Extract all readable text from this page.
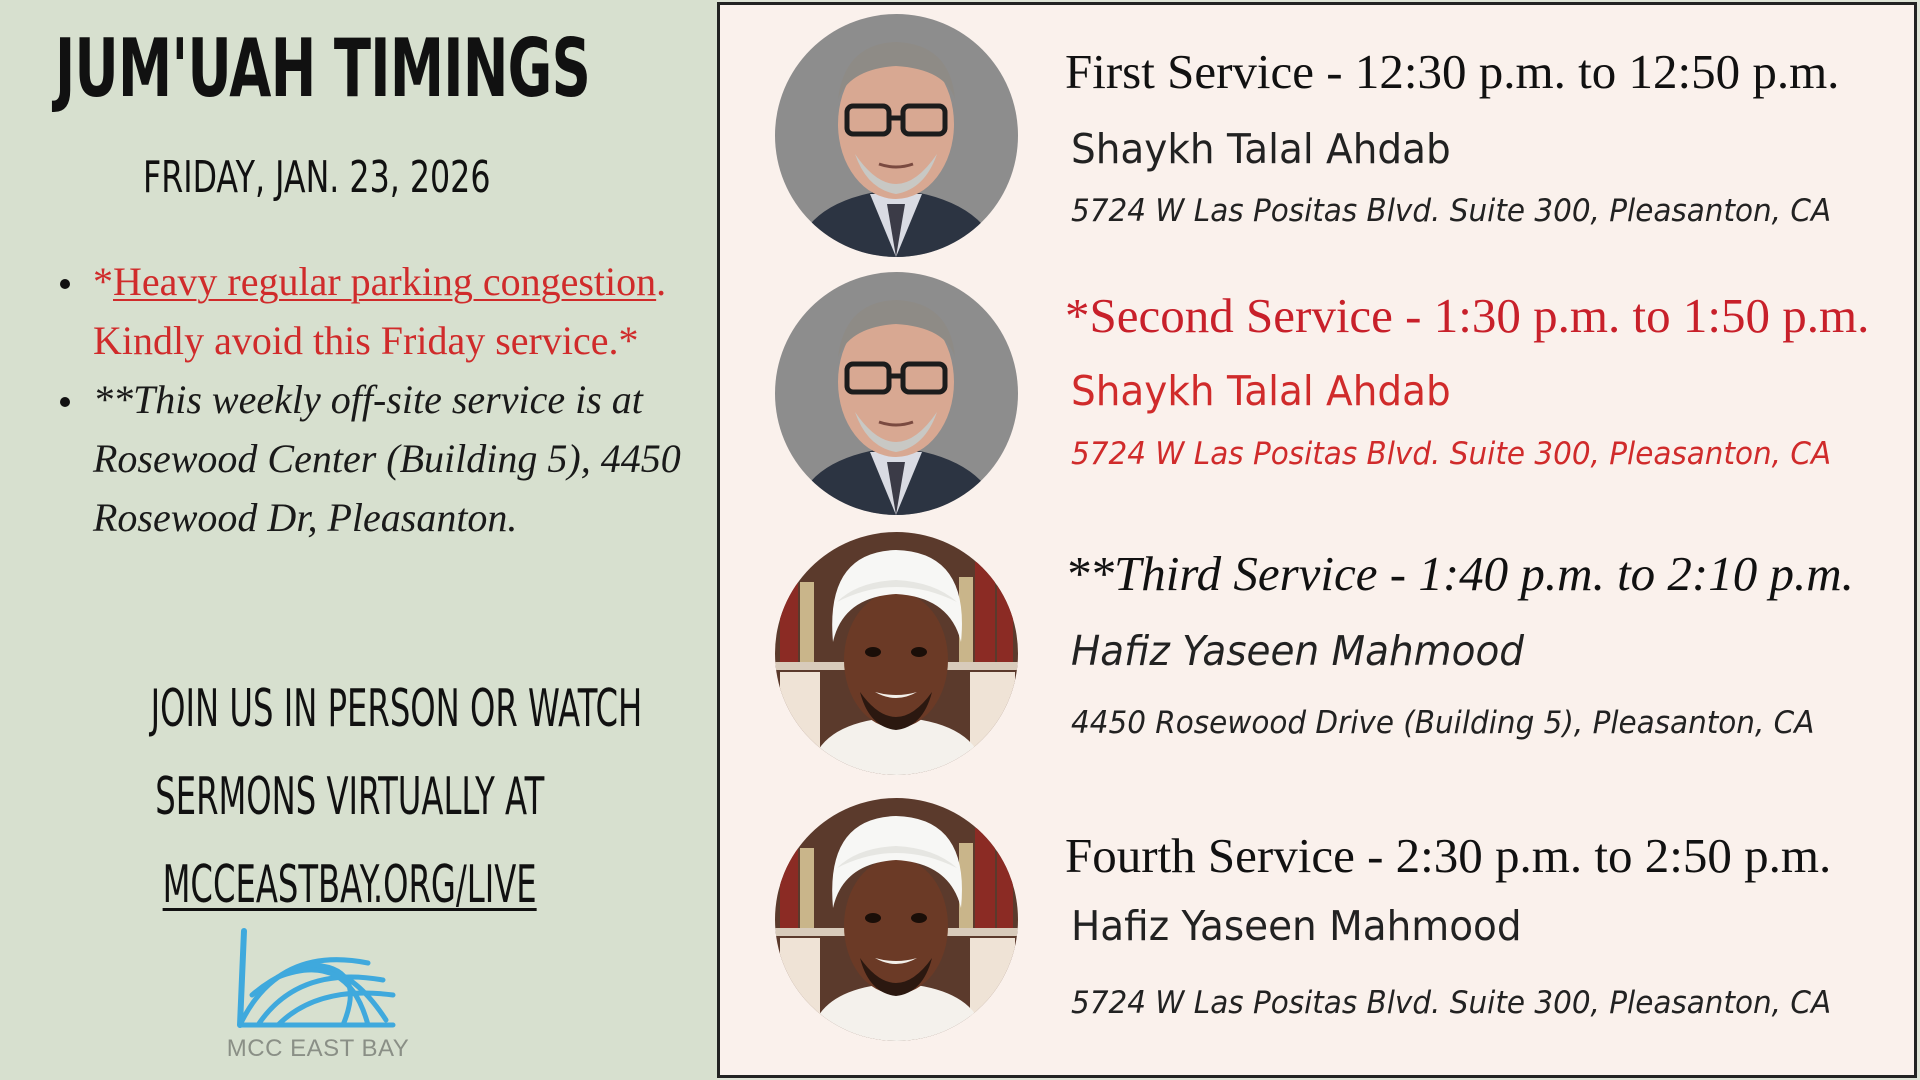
JUM'UAH TIMINGS
FRIDAY, JAN. 23, 2026
*Heavy regular parking congestion. Kindly avoid this Friday service.*
**This weekly off-site service is at Rosewood Center (Building 5), 4450 Rosewood Dr, Pleasanton.
JOIN US IN PERSON OR WATCH
SERMONS VIRTUALLY AT
MCCEASTBAY.ORG/LIVE
MCC EAST BAY
First Service - 12:30 p.m. to 12:50 p.m.
Shaykh Talal Ahdab
5724 W Las Positas Blvd. Suite 300, Pleasanton, CA
*Second Service - 1:30 p.m. to 1:50 p.m.
Shaykh Talal Ahdab
5724 W Las Positas Blvd. Suite 300, Pleasanton, CA
**Third Service - 1:40 p.m. to 2:10 p.m.
Hafiz Yaseen Mahmood
4450 Rosewood Drive (Building 5), Pleasanton, CA
Fourth Service - 2:30 p.m. to 2:50 p.m.
Hafiz Yaseen Mahmood
5724 W Las Positas Blvd. Suite 300, Pleasanton, CA
